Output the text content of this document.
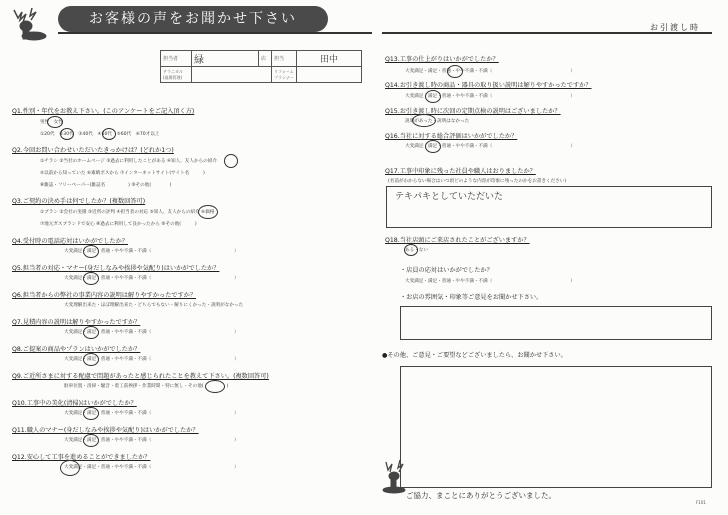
お客様の声をお聞かせ下さい
お引渡し時
担当者	緑	店	担当	田中
テラニカル (現場管理)			リフォーム プランナー	
Q1.性別・年代をお教え下さい。(このアンケートをご記入頂く方)
男性　女性
①20代　②30代　③40代　④50代　⑤60代　⑥70才以上
Q2.今回お問い合わせいただいたきっかけは？(どれか1つ)
①チラシ ②当社のホームページ ③過去に利用したことがある ④知人、友人からの紹介
⑤以前から知っていた ⑥素晴ポスから ⑦インターネットサイト(サイト名　　　)
⑧雑誌・フリーペーパー(雑誌名　　　　　) ⑨その他(　　　　)
Q3.ご契約の決め手は何でしたか？(複数回答可)
①プラン ②会社の実績 ③近所の評判 ④担当者の対応 ⑤知人、友人からの紹介 ⑥価格
⑦地元ガスブランドで安心 ⑧過去に利用して良かったから ⑨その他(　　　)
Q4.受付時の電話応対はいかがでしたか？
大変満足・満足・普通・やや不満・不満（　　　　　　　　　　　　　　　　　　）
Q5.担当者の対応・マナー(身だしなみや挨拶や気配り)はいかがでしたか？
大変満足・満足・普通・やや不満・不満（　　　　　　　　　　　　　　　　　　）
Q6.担当者からの弊社の事業内容の説明は解りやすかったですか？
大変理解出来た・ほぼ理解出来た・どちらでもない・解りにくかった・説明がなかった
Q7.見積内容の説明は解りやすかったですか？
大変満足・満足・普通・やや不満・不満（　　　　　　　　　　　　　　　　　　）
Q8.ご提案の商品やプランはいかがでしたか？
大変満足・満足・普通・やや不満・不満（　　　　　　　　　　　　　　　　　　）
Q9.ご近所さまに対する配慮で問題があったと感じられたことを教えて下さい。(複数回答可)
駐車位置・清掃・騒音・着工前挨拶・作業時間・特に無し・その他(　　　　　)
Q10.工事中の美化(清掃)はいかがでしたか？
大変満足・満足・普通・やや不満・不満（　　　　　　　　　　　　　　　　　　）
Q11.職人のマナー(身だしなみや挨拶や気配り)はいかがでしたか？
大変満足・満足・普通・やや不満・不満（　　　　　　　　　　　　　　　　　　）
Q12.安心して工事を進めることができましたか？
大変満足・満足・普通・やや不満・不満（　　　　　　　　　　　　　　　　　　）
Q13.工事の仕上がりはいかがでしたか？
大変満足・満足・普通・やや不満・不満（　　　　　　　　　　　　　　　　　）
Q14.お引き渡し時の商品・器具の取り扱い説明は解りやすかったですか？
大変満足・満足・普通・やや不満・不満（　　　　　　　　　　　　　　　　　）
Q15.お引き渡し時に次回の定期点検の説明はございましたか？
説明があった・説明はなかった
Q16.当社に対する総合評価はいかがでしたか？
大変満足・満足・普通・やや不満・不満（　　　　　　　　　　　　　　　　　）
Q17.工事中印象に残った社員や職人はおりましたか？
(名前がわからない場合はいつ頃どのような内容が印象に残ったのかをお書きください)
テキパキとしていただいた
Q18.当社店頭にご来店されたことがございますか？
ある・ない
・店員の応対はいかがでしたか？
大変満足・満足・普通・やや不満・不満（　　　　　　　　　　　　　　　　　）
・お店の雰囲気・印象等ご意見をお聞かせ下さい。
●その他、ご意見・ご要望などございましたら、お聞かせ下さい。
ご協力、まことにありがとうございました。
F101
